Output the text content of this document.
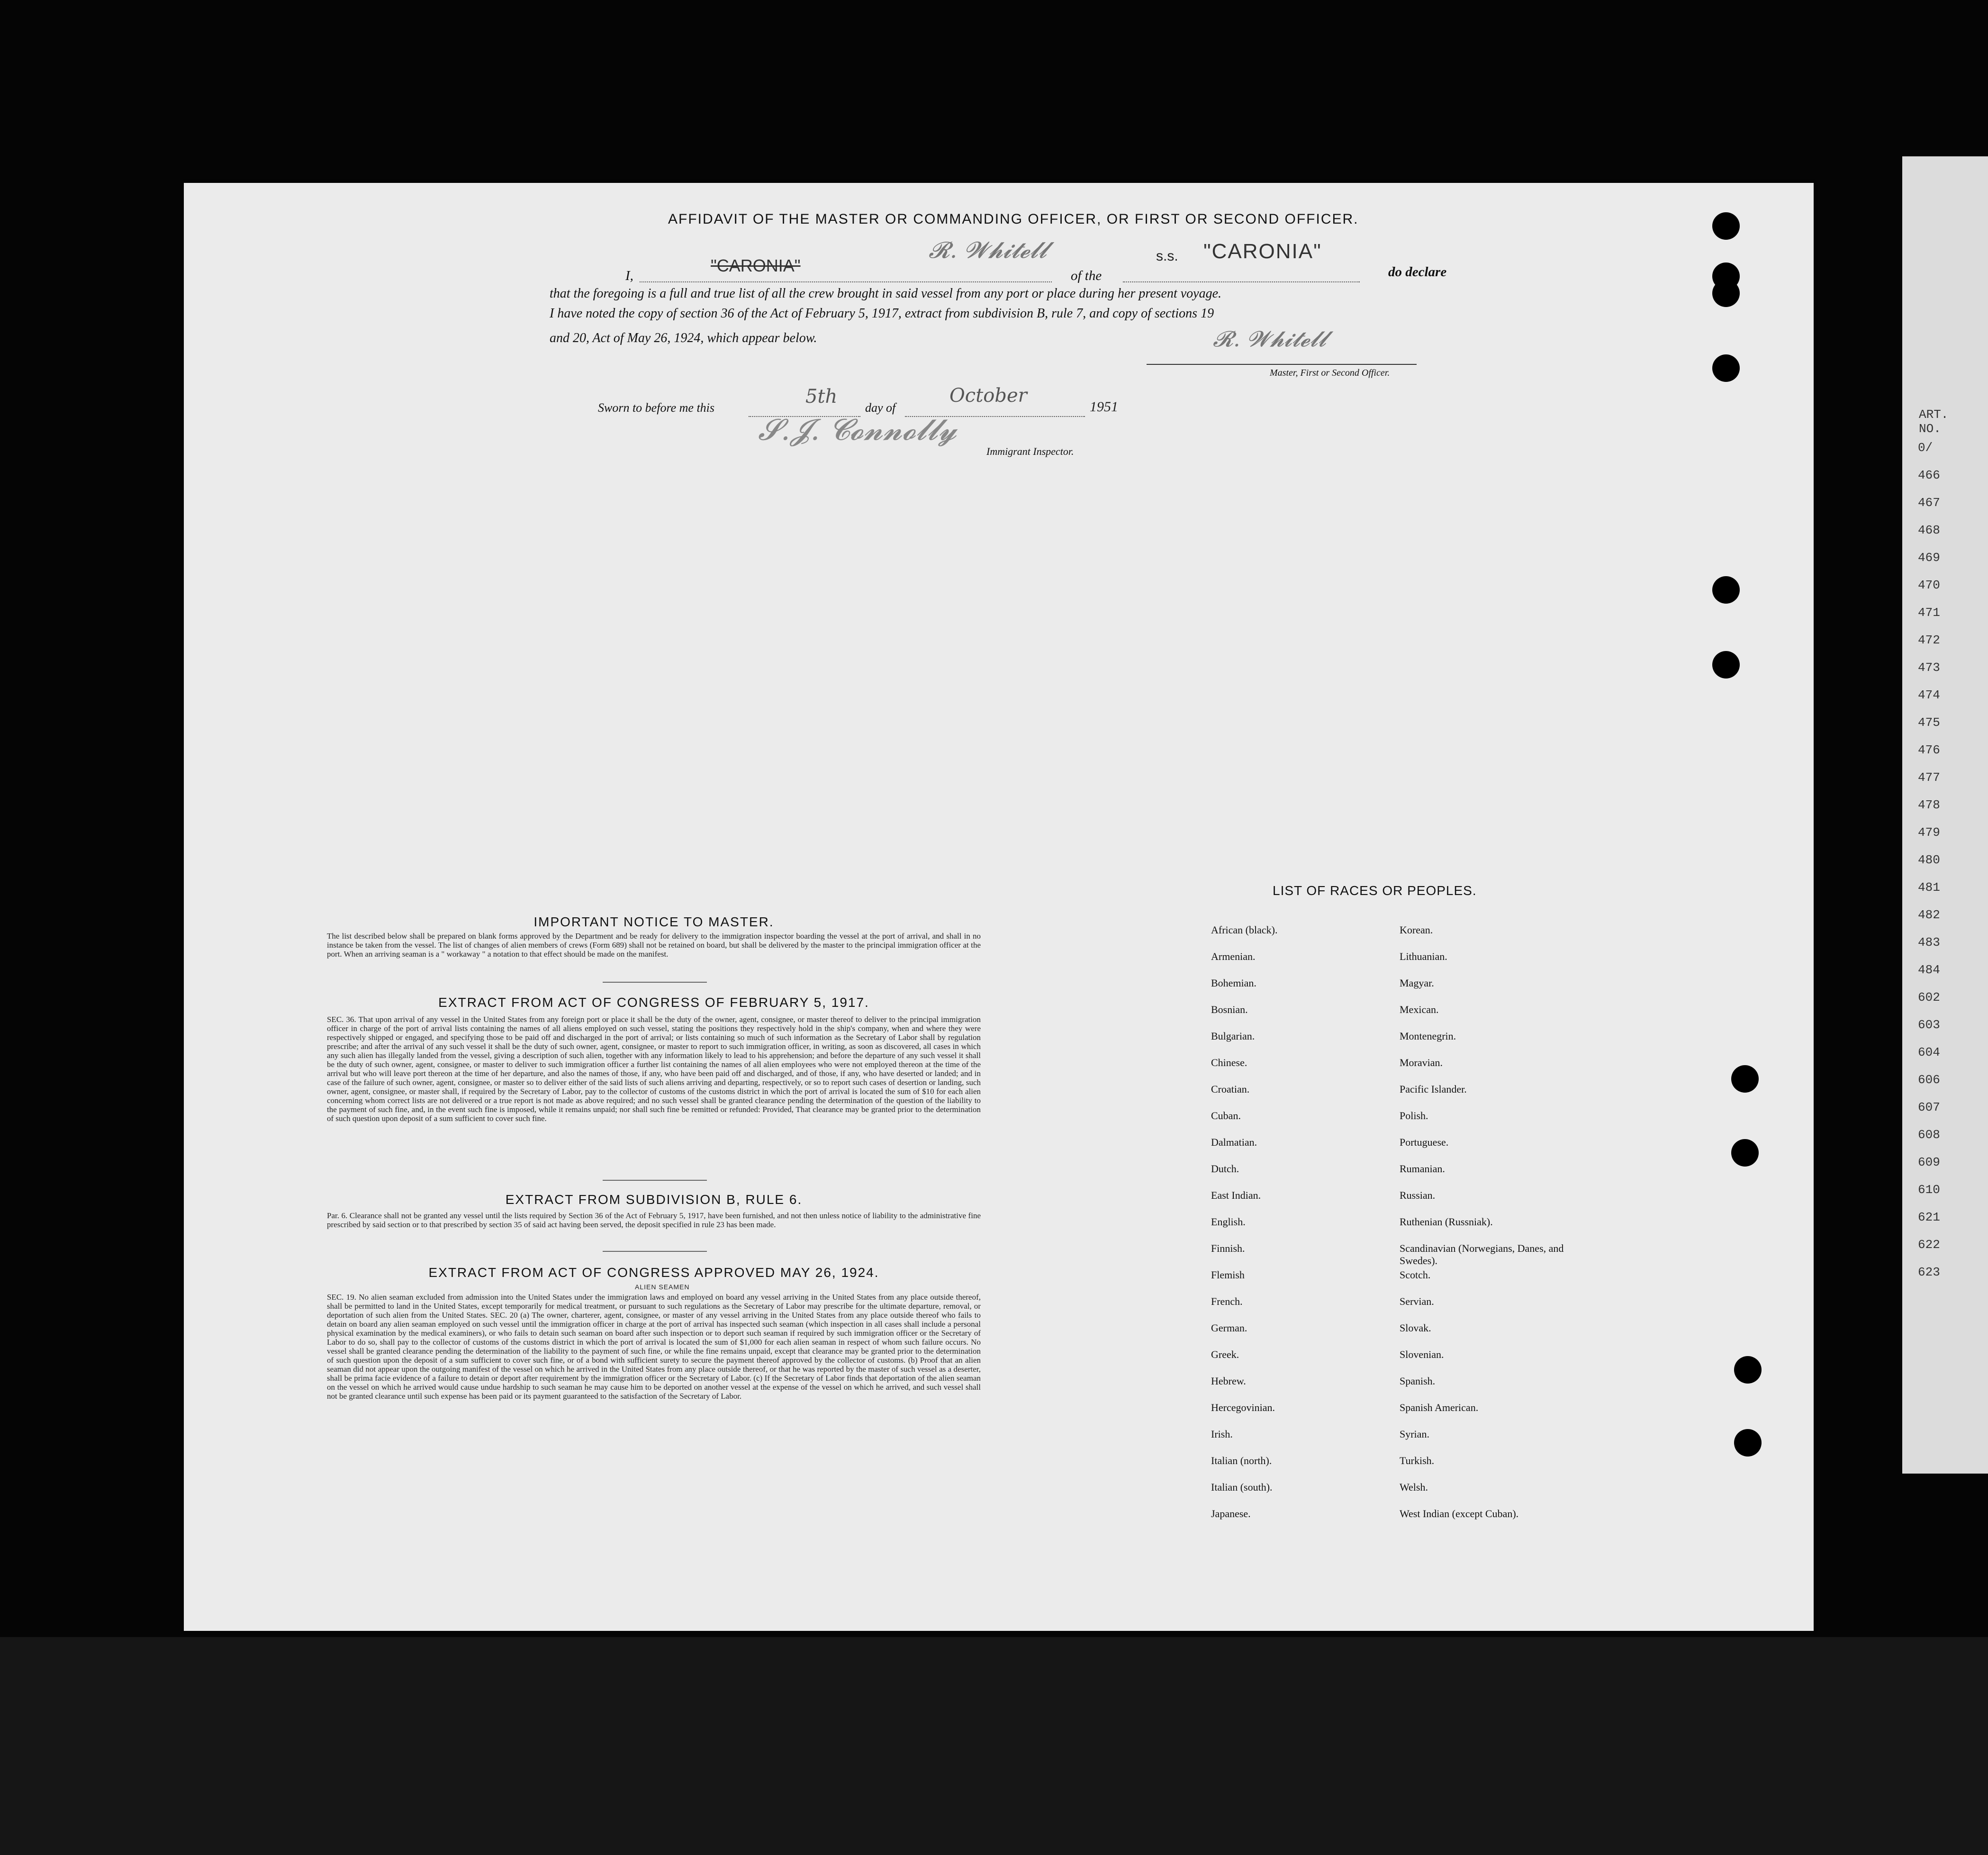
ART. NO.
0/
466
467
468
469
470
471
472
473
474
475
476
477
478
479
480
481
482
483
484
602
603
604
606
607
608
609
610
621
622
623
AFFIDAVIT OF THE MASTER OR COMMANDING OFFICER, OR FIRST OR SECOND OFFICER.
I,
"CARONIA"
𝓡. 𝓦𝓱𝓲𝓽𝓮𝓵𝓵
of the
s.s. "CARONIA"
do declare
that the foregoing is a full and true list of all the crew brought in said vessel from any port or place during her present voyage.
I have noted the copy of section 36 of the Act of February 5, 1917, extract from subdivision B, rule 7, and copy of sections 19
and 20, Act of May 26, 1924, which appear below.	𝓡. 𝓦𝓱𝓲𝓽𝓮𝓵𝓵
Master, First or Second Officer.
Sworn to before me this
5th
day of
October
1951
𝓢.𝓙. 𝓒𝓸𝓷𝓷𝓸𝓵𝓵𝔂
Immigrant Inspector.
IMPORTANT NOTICE TO MASTER.
The list described below shall be prepared on blank forms approved by the Department and be ready for delivery to the immigration inspector boarding the vessel at the port of arrival, and shall in no instance be taken from the vessel. The list of changes of alien members of crews (Form 689) shall not be retained on board, but shall be delivered by the master to the principal immigration officer at the port. When an arriving seaman is a " workaway " a notation to that effect should be made on the manifest.
EXTRACT FROM ACT OF CONGRESS OF FEBRUARY 5, 1917.
SEC. 36. That upon arrival of any vessel in the United States from any foreign port or place it shall be the duty of the owner, agent, consignee, or master thereof to deliver to the principal immigration officer in charge of the port of arrival lists containing the names of all aliens employed on such vessel, stating the positions they respectively hold in the ship's company, when and where they were respectively shipped or engaged, and specifying those to be paid off and discharged in the port of arrival; or lists containing so much of such information as the Secretary of Labor shall by regulation prescribe; and after the arrival of any such vessel it shall be the duty of such owner, agent, consignee, or master to report to such immigration officer, in writing, as soon as discovered, all cases in which any such alien has illegally landed from the vessel, giving a description of such alien, together with any information likely to lead to his apprehension; and before the departure of any such vessel it shall be the duty of such owner, agent, consignee, or master to deliver to such immigration officer a further list containing the names of all alien employees who were not employed thereon at the time of the arrival but who will leave port thereon at the time of her departure, and also the names of those, if any, who have been paid off and discharged, and of those, if any, who have deserted or landed; and in case of the failure of such owner, agent, consignee, or master so to deliver either of the said lists of such aliens arriving and departing, respectively, or so to report such cases of desertion or landing, such owner, agent, consignee, or master shall, if required by the Secretary of Labor, pay to the collector of customs of the customs district in which the port of arrival is located the sum of $10 for each alien concerning whom correct lists are not delivered or a true report is not made as above required; and no such vessel shall be granted clearance pending the determination of the question of the liability to the payment of such fine, and, in the event such fine is imposed, while it remains unpaid; nor shall such fine be remitted or refunded: Provided, That clearance may be granted prior to the determination of such question upon deposit of a sum sufficient to cover such fine.
EXTRACT FROM SUBDIVISION B, RULE 6.
Par. 6. Clearance shall not be granted any vessel until the lists required by Section 36 of the Act of February 5, 1917, have been furnished, and not then unless notice of liability to the administrative fine prescribed by said section or to that prescribed by section 35 of said act having been served, the deposit specified in rule 23 has been made.
EXTRACT FROM ACT OF CONGRESS APPROVED MAY 26, 1924.
ALIEN SEAMEN
SEC. 19. No alien seaman excluded from admission into the United States under the immigration laws and employed on board any vessel arriving in the United States from any place outside thereof, shall be permitted to land in the United States, except temporarily for medical treatment, or pursuant to such regulations as the Secretary of Labor may prescribe for the ultimate departure, removal, or deportation of such alien from the United States. SEC. 20 (a) The owner, charterer, agent, consignee, or master of any vessel arriving in the United States from any place outside thereof who fails to detain on board any alien seaman employed on such vessel until the immigration officer in charge at the port of arrival has inspected such seaman (which inspection in all cases shall include a personal physical examination by the medical examiners), or who fails to detain such seaman on board after such inspection or to deport such seaman if required by such immigration officer or the Secretary of Labor to do so, shall pay to the collector of customs of the customs district in which the port of arrival is located the sum of $1,000 for each alien seaman in respect of whom such failure occurs. No vessel shall be granted clearance pending the determination of the liability to the payment of such fine, or while the fine remains unpaid, except that clearance may be granted prior to the determination of such question upon the deposit of a sum sufficient to cover such fine, or of a bond with sufficient surety to secure the payment thereof approved by the collector of customs. (b) Proof that an alien seaman did not appear upon the outgoing manifest of the vessel on which he arrived in the United States from any place outside thereof, or that he was reported by the master of such vessel as a deserter, shall be prima facie evidence of a failure to detain or deport after requirement by the immigration officer or the Secretary of Labor. (c) If the Secretary of Labor finds that deportation of the alien seaman on the vessel on which he arrived would cause undue hardship to such seaman he may cause him to be deported on another vessel at the expense of the vessel on which he arrived, and such vessel shall not be granted clearance until such expense has been paid or its payment guaranteed to the satisfaction of the Secretary of Labor.
LIST OF RACES OR PEOPLES.
African (black).
Armenian.
Bohemian.
Bosnian.
Bulgarian.
Chinese.
Croatian.
Cuban.
Dalmatian.
Dutch.
East Indian.
English.
Finnish.
Flemish
French.
German.
Greek.
Hebrew.
Hercegovinian.
Irish.
Italian (north).
Italian (south).
Japanese.
Korean.
Lithuanian.
Magyar.
Mexican.
Montenegrin.
Moravian.
Pacific Islander.
Polish.
Portuguese.
Rumanian.
Russian.
Ruthenian (Russniak).
Scandinavian (Norwegians, Danes, and Swedes).
Scotch.
Servian.
Slovak.
Slovenian.
Spanish.
Spanish American.
Syrian.
Turkish.
Welsh.
West Indian (except Cuban).
